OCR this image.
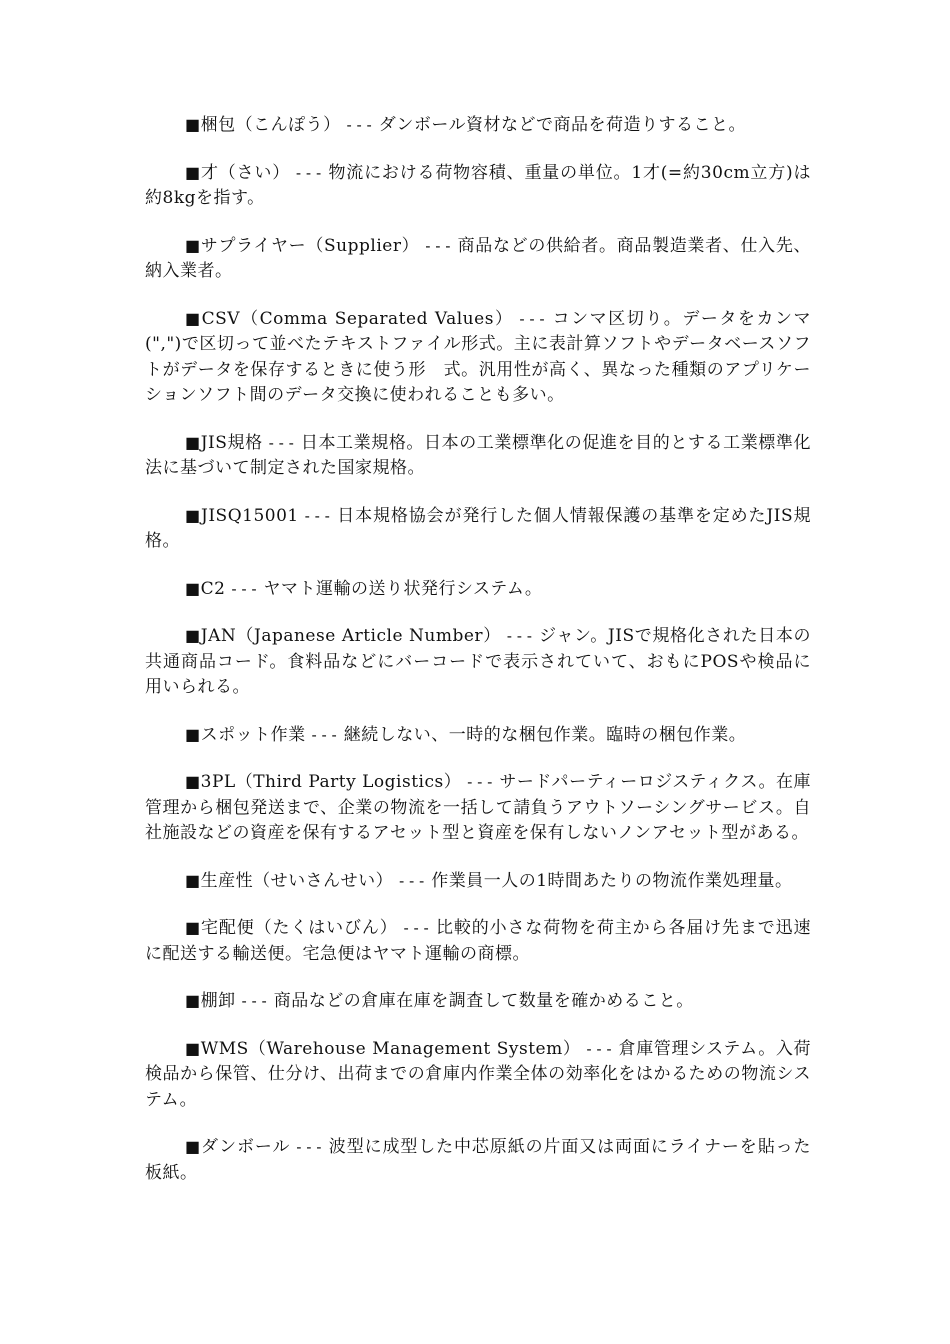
■梱包（こんぽう） --- ダンボール資材などで商品を荷造りすること。

■才（さい） --- 物流における荷物容積、重量の単位。1才(=約30cm立方)は約8kgを指す。

■サプライヤー（Supplier） --- 商品などの供給者。商品製造業者、仕入先、納入業者。

■CSV（Comma Separated Values） --- コンマ区切り。データをカンマ(",")で区切って並べたテキストファイル形式。主に表計算ソフトやデータベースソフトがデータを保存するときに使う形　式。汎用性が高く、異なった種類のアプリケーションソフト間のデータ交換に使われることも多い。

■JIS規格 --- 日本工業規格。日本の工業標準化の促進を目的とする工業標準化法に基づいて制定された国家規格。

■JISQ15001 --- 日本規格協会が発行した個人情報保護の基準を定めたJIS規格。

■C2 --- ヤマト運輸の送り状発行システム。

■JAN（Japanese Article Number） --- ジャン。JISで規格化された日本の共通商品コード。食料品などにバーコードで表示されていて、おもにPOSや検品に用いられる。

■スポット作業 --- 継続しない、一時的な梱包作業。臨時の梱包作業。

■3PL（Third Party Logistics） --- サードパーティーロジスティクス。在庫管理から梱包発送まで、企業の物流を一括して請負うアウトソーシングサービス。自社施設などの資産を保有するアセット型と資産を保有しないノンアセット型がある。

■生産性（せいさんせい） --- 作業員一人の1時間あたりの物流作業処理量。

■宅配便（たくはいびん） --- 比較的小さな荷物を荷主から各届け先まで迅速に配送する輸送便。宅急便はヤマト運輸の商標。

■棚卸 --- 商品などの倉庫在庫を調査して数量を確かめること。

■WMS（Warehouse Management System） --- 倉庫管理システム。入荷検品から保管、仕分け、出荷までの倉庫内作業全体の効率化をはかるための物流システム。

■ダンボール --- 波型に成型した中芯原紙の片面又は両面にライナーを貼った板紙。
